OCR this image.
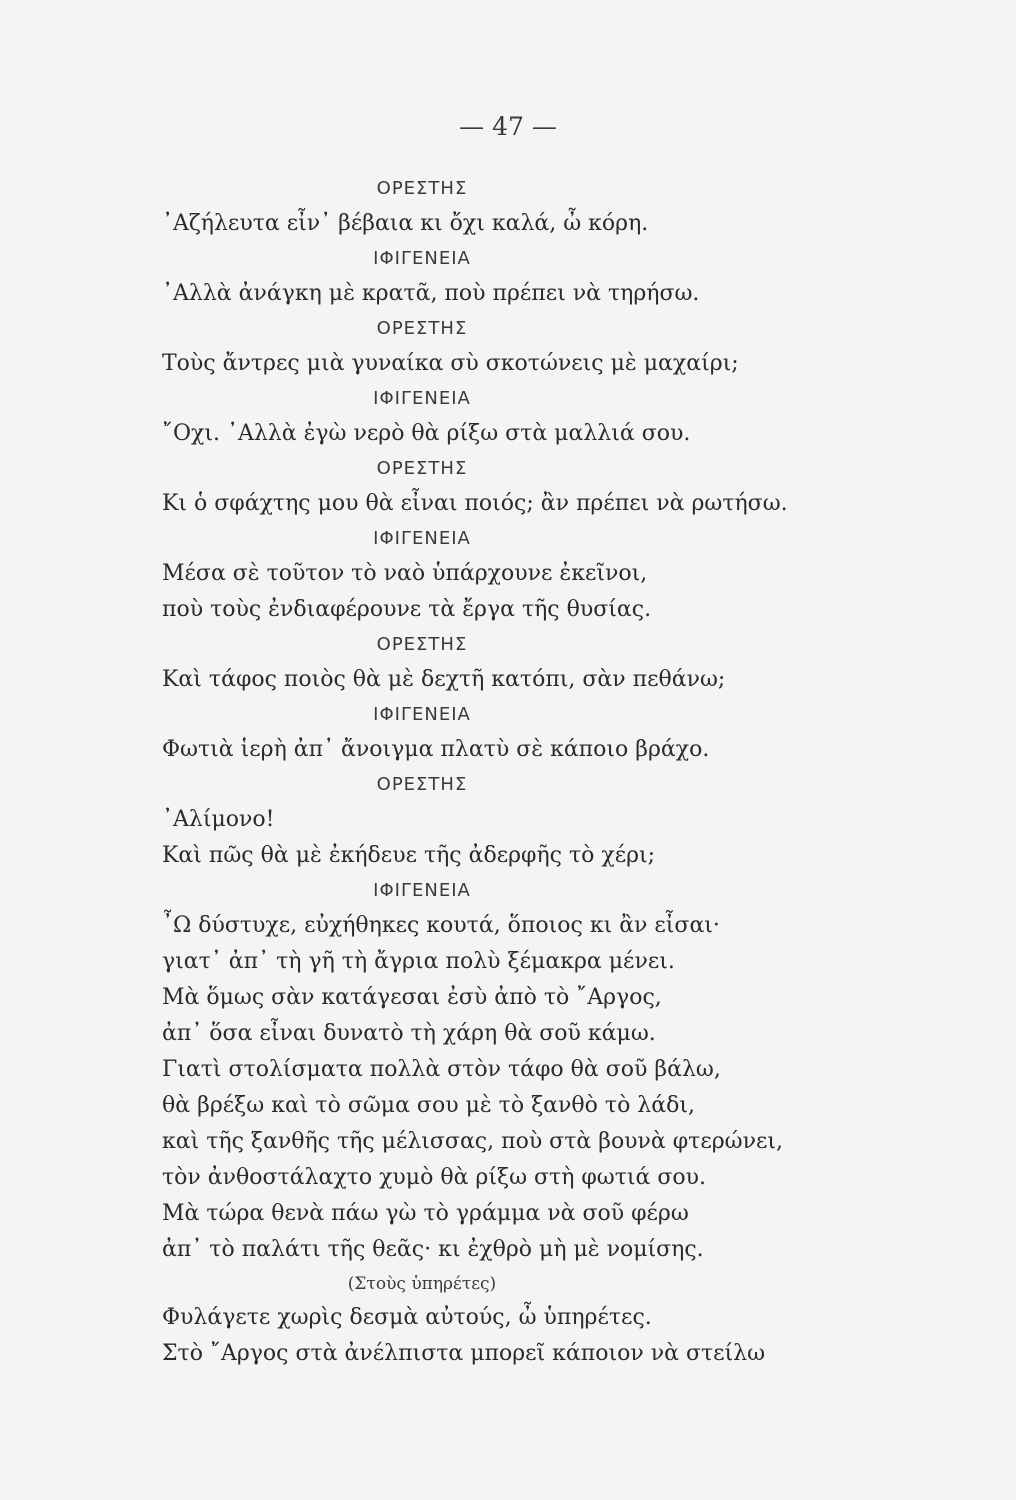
— 47 —
ΟΡΕΣΤΗΣ
᾿Αζήλευτα εἶν᾿ βέβαια κι ὄχι καλά, ὦ κόρη.
ΙΦΙΓΕΝΕΙΑ
᾿Αλλὰ ἀνάγκη μὲ κρατᾶ, ποὺ πρέπει νὰ τηρήσω.
ΟΡΕΣΤΗΣ
Τοὺς ἄντρες μιὰ γυναίκα σὺ σκοτώνεις μὲ μαχαίρι;
ΙΦΙΓΕΝΕΙΑ
῎Οχι. ᾿Αλλὰ ἐγὼ νερὸ θὰ ρίξω στὰ μαλλιά σου.
ΟΡΕΣΤΗΣ
Κι ὁ σφάχτης μου θὰ εἶναι ποιός; ἂν πρέπει νὰ ρωτήσω.
ΙΦΙΓΕΝΕΙΑ
Μέσα σὲ τοῦτον τὸ ναὸ ὑπάρχουνε ἐκεῖνοι,
ποὺ τοὺς ἐνδιαφέρουνε τὰ ἔργα τῆς θυσίας.
ΟΡΕΣΤΗΣ
Καὶ τάφος ποιὸς θὰ μὲ δεχτῆ κατόπι, σὰν πεθάνω;
ΙΦΙΓΕΝΕΙΑ
Φωτιὰ ἱερὴ ἀπ᾿ ἄνοιγμα πλατὺ σὲ κάποιο βράχο.
ΟΡΕΣΤΗΣ
᾿Αλίμονο!
Καὶ πῶς θὰ μὲ ἐκήδευε τῆς ἀδερφῆς τὸ χέρι;
ΙΦΙΓΕΝΕΙΑ
῏Ω δύστυχε, εὐχήθηκες κουτά, ὅποιος κι ἂν εἶσαι·
γιατ᾿ ἀπ᾿ τὴ γῆ τὴ ἄγρια πολὺ ξέμακρα μένει.
Μὰ ὅμως σὰν κατάγεσαι ἐσὺ ἀπὸ τὸ ῎Αργος,
ἀπ᾿ ὅσα εἶναι δυνατὸ τὴ χάρη θὰ σοῦ κάμω.
Γιατὶ στολίσματα πολλὰ στὸν τάφο θὰ σοῦ βάλω,
θὰ βρέξω καὶ τὸ σῶμα σου μὲ τὸ ξανθὸ τὸ λάδι,
καὶ τῆς ξανθῆς τῆς μέλισσας, ποὺ στὰ βουνὰ φτερώνει,
τὸν ἀνθοστάλαχτο χυμὸ θὰ ρίξω στὴ φωτιά σου.
Μὰ τώρα θενὰ πάω γὼ τὸ γράμμα νὰ σοῦ φέρω
ἀπ᾿ τὸ παλάτι τῆς θεᾶς· κι ἐχθρὸ μὴ μὲ νομίσης.
(Στοὺς ὑπηρέτες)
Φυλάγετε χωρὶς δεσμὰ αὐτούς, ὦ ὑπηρέτες.
Στὸ ῎Αργος στὰ ἀνέλπιστα μπορεῖ κάποιον νὰ στείλω
